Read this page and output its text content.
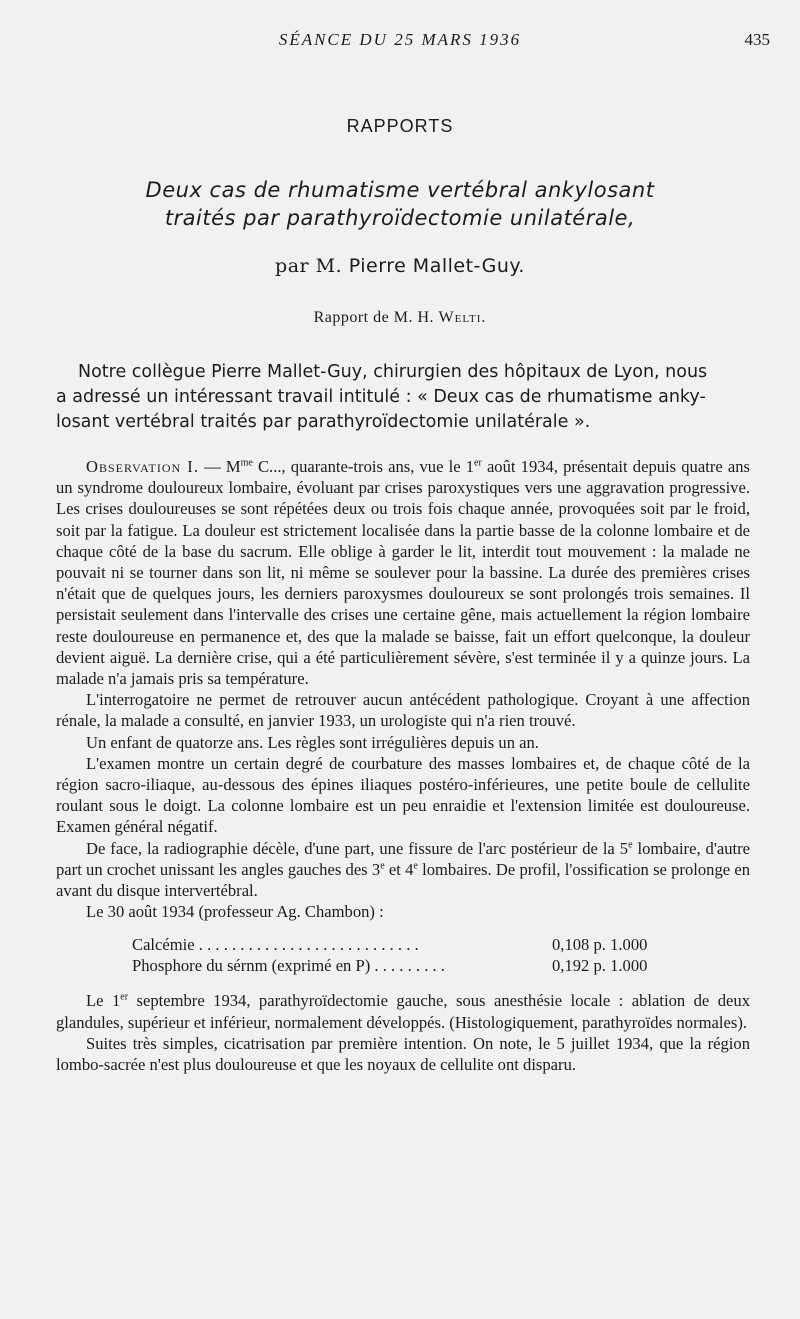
SÉANCE DU 25 MARS 1936	435
RAPPORTS
Deux cas de rhumatisme vertébral ankylosant
traités par parathyroïdectomie unilatérale,
par M. Pierre Mallet-Guy.
Rapport de M. H. Welti.
Notre collègue Pierre Mallet-Guy, chirurgien des hôpitaux de Lyon, nous
a adressé un intéressant travail intitulé : « Deux cas de rhumatisme anky-
losant vertébral traités par parathyroïdectomie unilatérale ».

Observation I. — $M^{me}$ C..., quarante-trois ans, vue le 1er août 1934, présentait depuis quatre ans un syndrome douloureux lombaire, évoluant par crises paroxystiques vers une aggravation progressive. Les crises douloureuses se sont répétées deux ou trois fois chaque année, provoquées soit par le froid, soit par la fatigue. La douleur est strictement localisée dans la partie basse de la colonne lombaire et de chaque côté de la base du sacrum. Elle oblige à garder le lit, interdit tout mouvement : la malade ne pouvait ni se tourner dans son lit, ni même se soulever pour la bassine. La durée des premières crises n'était que de quelques jours, les derniers paroxysmes douloureux se sont prolongés trois semaines. Il persistait seulement dans l'intervalle des crises une certaine gêne, mais actuellement la région lombaire reste douloureuse en permanence et, des que la malade se baisse, fait un effort quelconque, la douleur devient aiguë. La dernière crise, qui a été particulièrement sévère, s'est terminée il y a quinze jours. La malade n'a jamais pris sa température.

L'interrogatoire ne permet de retrouver aucun antécédent pathologique. Croyant à une affection rénale, la malade a consulté, en janvier 1933, un urologiste qui n'a rien trouvé.

Un enfant de quatorze ans. Les règles sont irrégulières depuis un an.

L'examen montre un certain degré de courbature des masses lombaires et, de chaque côté de la région sacro-iliaque, au-dessous des épines iliaques postéro-inférieures, une petite boule de cellulite roulant sous le doigt. La colonne lombaire est un peu enraidie et l'extension limitée est douloureuse. Examen général négatif.

De face, la radiographie décèle, d'une part, une fissure de l'arc postérieur de la 5e lombaire, d'autre part un crochet unissant les angles gauches des 3e et 4e lombaires. De profil, l'ossification se prolonge en avant du disque intervertébral.

Le 30 août 1934 (professeur Ag. Chambon) :

Calcémie . . . . . . . . . . . . . . . . . . . . . . . . . . .	0,108 p. 1.000
Phosphore du sérnm (exprimé en P) . . . . . . . . .	0,192 p. 1.000

Le 1er septembre 1934, parathyroïdectomie gauche, sous anesthésie locale : ablation de deux glandules, supérieur et inférieur, normalement développés. (Histologiquement, parathyroïdes normales).

Suites très simples, cicatrisation par première intention. On note, le 5 juillet 1934, que la région lombo-sacrée n'est plus douloureuse et que les noyaux de cellulite ont disparu.
